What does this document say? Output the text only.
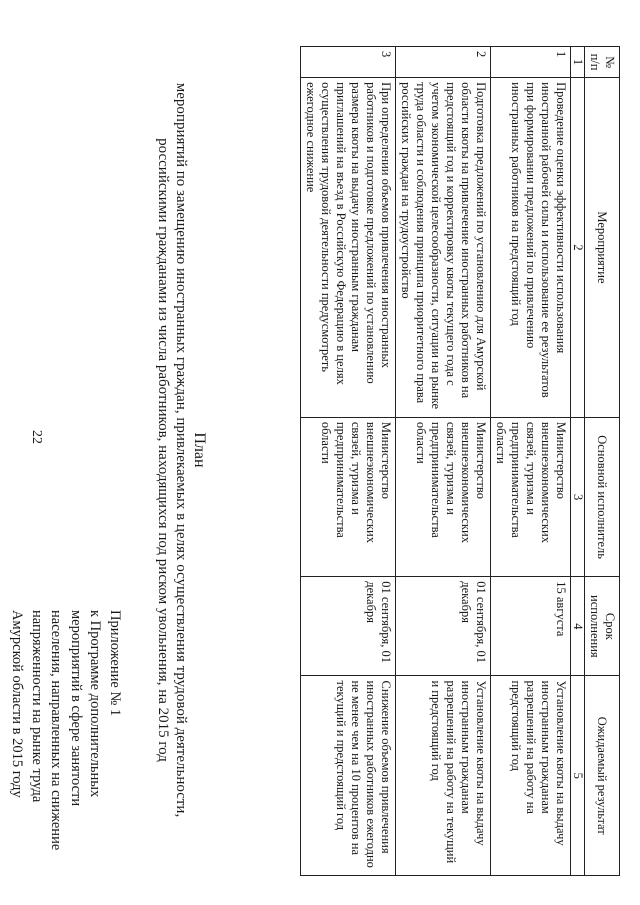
22
Приложение № 1
к Программе дополнительных
мероприятий в сфере занятости
населения, направленных на снижение
напряженности на рынке труда
Амурской области в 2015 году
План
мероприятий по замещению иностранных граждан, привлекаемых в целях осуществления трудовой деятельности,
российскими гражданами из числа работников, находящихся под риском увольнения, на 2015 год
№ п/п	Мероприятие	Основной исполнитель	Срок исполнения	Ожидаемый результат
1	2	3	4	5
1	Проведение оценки эффективности использования иностранной рабочей силы и использование ее результатов при формировании предложений по привлечению иностранных работников на предстоящий год	Министерство внешнеэкономических связей, туризма и предпринимательства области	15 августа	Установление квоты на выдачу иностранным гражданам разрешений на работу на предстоящий год
2	Подготовка предложений по установлению для Амурской области квоты на привлечение иностранных работников на предстоящий год и корректировку квоты текущего года с учетом экономической целесообразности, ситуации на рынке труда области и соблюдения принципа приоритетного права российских граждан на трудоустройство	Министерство внешнеэкономических связей, туризма и предпринимательства области	01 сентября, 01 декабря	Установление квоты на выдачу иностранным гражданам разрешений на работу на текущий и предстоящий год
3	При определении объемов привлечения иностранных работников и подготовке предложений по установлению размера квоты на выдачу иностранным гражданам приглашений на въезд в Российскую Федерацию в целях осуществления трудовой деятельности предусмотреть ежегодное снижение	Министерство внешнеэкономических связей, туризма и предпринимательства области	01 сентября, 01 декабря	Снижение объемов привлечения иностранных работников ежегодно не менее чем на 10 процентов на текущий и предстоящий год
